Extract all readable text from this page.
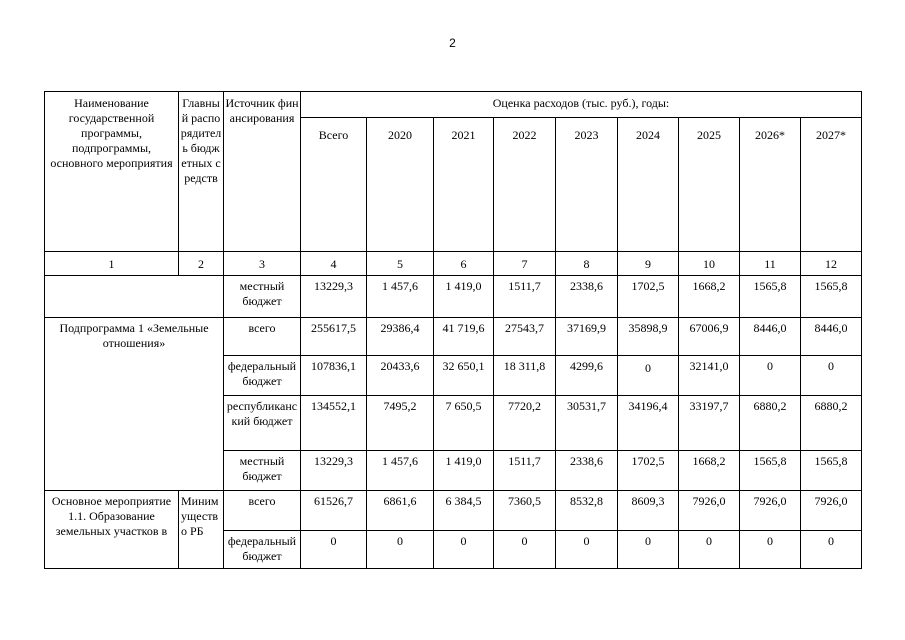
2
Наименование государственной программы, подпрограммы, основного мероприятия	Главный распорядитель бюджетных средств	Источник финансирования	Оценка расходов (тыс. руб.), годы:								
			Всего	2020	2021	2022	2023	2024	2025	2026*	2027*
1	2	3	4	5	6	7	8	9	10	11	12
		местный бюджет	13229,3	1 457,6	1 419,0	1511,7	2338,6	1702,5	1668,2	1565,8	1565,8
Подпрограмма 1 «Земельные отношения»		всего	255617,5	29386,4	41 719,6	27543,7	37169,9	35898,9	67006,9	8446,0	8446,0
		федеральный бюджет	107836,1	20433,6	32 650,1	18 311,8	4299,6	0	32141,0	0	0
		республиканский бюджет	134552,1	7495,2	7 650,5	7720,2	30531,7	34196,4	33197,7	6880,2	6880,2
		местный бюджет	13229,3	1 457,6	1 419,0	1511,7	2338,6	1702,5	1668,2	1565,8	1565,8
Основное мероприятие 1.1. Образование земельных участков в	Минимущество РБ	всего	61526,7	6861,6	6 384,5	7360,5	8532,8	8609,3	7926,0	7926,0	7926,0
		федеральный бюджет	0	0	0	0	0	0	0	0	0
